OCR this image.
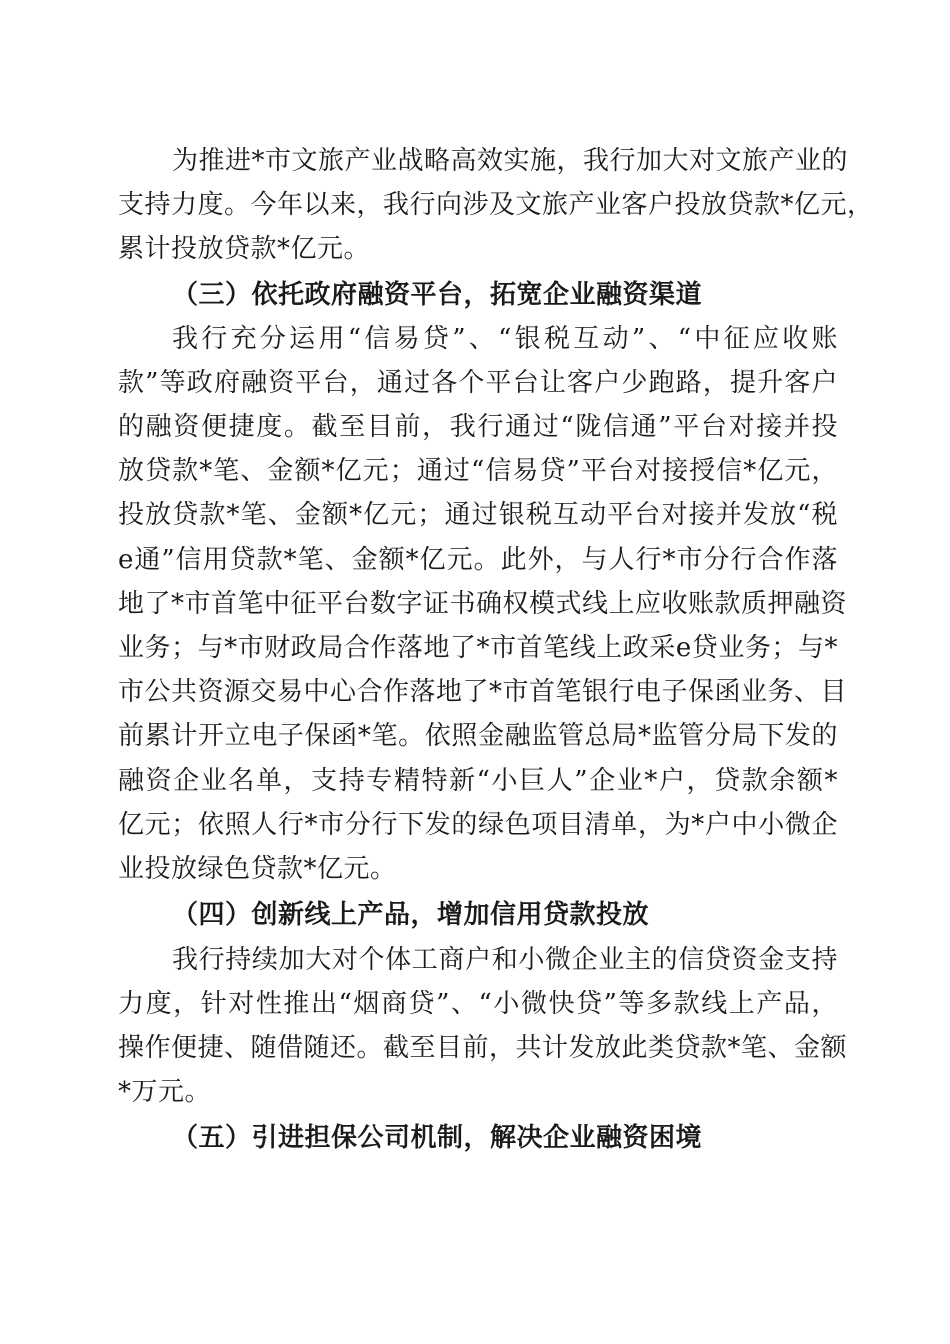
为推进*市文旅产业战略高效实施，我行加大对文旅产业的
支持力度。今年以来，我行向涉及文旅产业客户投放贷款*亿元，
累计投放贷款*亿元。
（三）依托政府融资平台，拓宽企业融资渠道
我行充分运用“信易贷”、“银税互动”、“中征应收账
款”等政府融资平台，通过各个平台让客户少跑路，提升客户
的融资便捷度。截至目前，我行通过“陇信通”平台对接并投
放贷款*笔、金额*亿元；通过“信易贷”平台对接授信*亿元，
投放贷款*笔、金额*亿元；通过银税互动平台对接并发放“税
e通”信用贷款*笔、金额*亿元。此外，与人行*市分行合作落
地了*市首笔中征平台数字证书确权模式线上应收账款质押融资
业务；与*市财政局合作落地了*市首笔线上政采e贷业务；与*
市公共资源交易中心合作落地了*市首笔银行电子保函业务、目
前累计开立电子保函*笔。依照金融监管总局*监管分局下发的
融资企业名单，支持专精特新“小巨人”企业*户，贷款余额*
亿元；依照人行*市分行下发的绿色项目清单，为*户中小微企
业投放绿色贷款*亿元。
（四）创新线上产品，增加信用贷款投放
我行持续加大对个体工商户和小微企业主的信贷资金支持
力度，针对性推出“烟商贷”、“小微快贷”等多款线上产品，
操作便捷、随借随还。截至目前，共计发放此类贷款*笔、金额
*万元。
（五）引进担保公司机制，解决企业融资困境
